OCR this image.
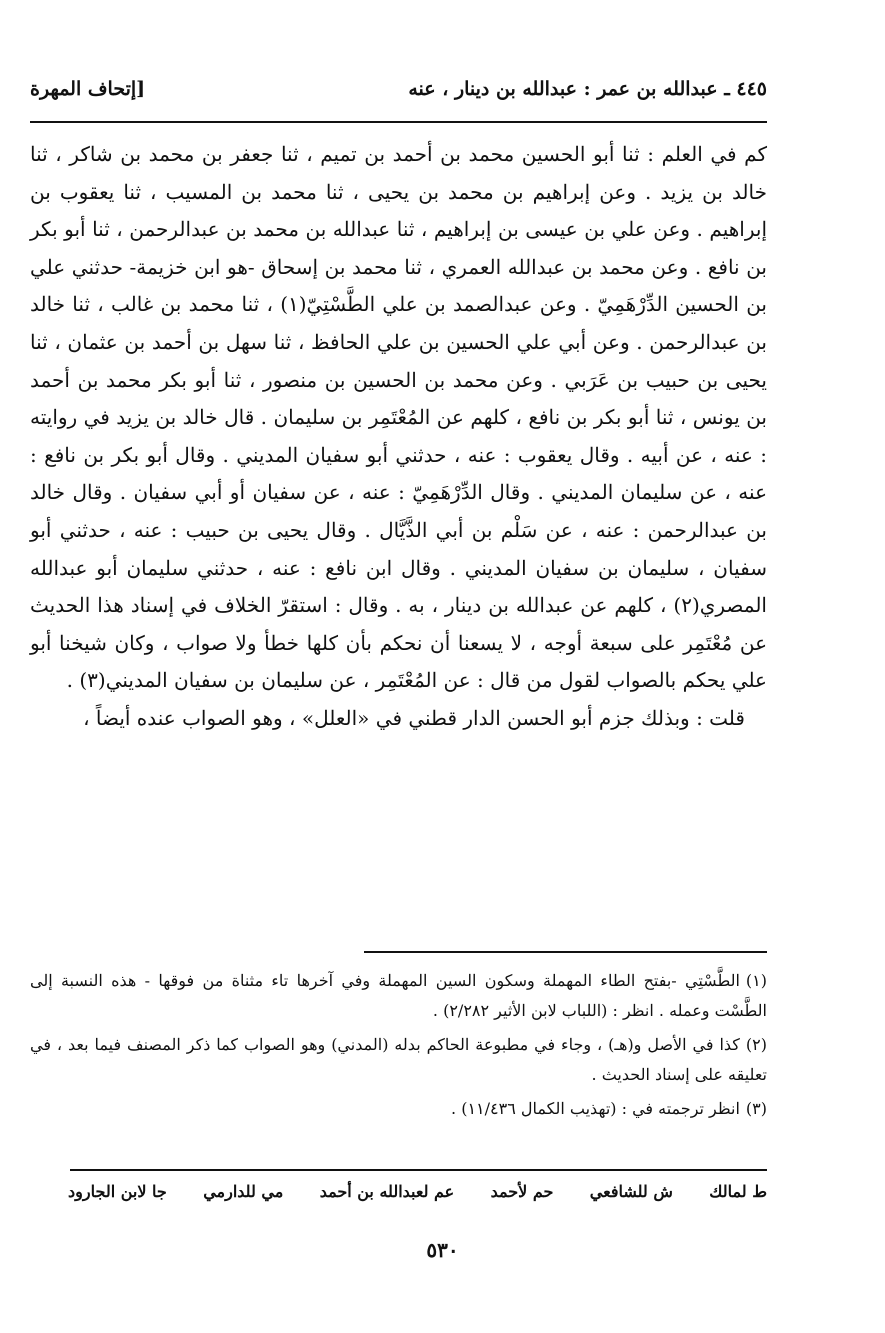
٤٤٥ ـ عبدالله بن عمر : عبدالله بن دينار ، عنه
[إتحاف المهرة

كم في العلم : ثنا أبو الحسين محمد بن أحمد بن تميم ، ثنا جعفر بن محمد بن شاكر ، ثنا خالد بن يزيد . وعن إبراهيم بن محمد بن يحيى ، ثنا محمد بن المسيب ، ثنا يعقوب بن إبراهيم . وعن علي بن عيسى بن إبراهيم ، ثنا عبدالله بن محمد بن عبدالرحمن ، ثنا أبو بكر بن نافع . وعن محمد بن عبدالله العمري ، ثنا محمد بن إسحاق -هو ابن خزيمة- حدثني علي بن الحسين الدِّرْهَمِيّ . وعن عبدالصمد بن علي الطَّسْتِيّ(١) ، ثنا محمد بن غالب ، ثنا خالد بن عبدالرحمن . وعن أبي علي الحسين بن علي الحافظ ، ثنا سهل بن أحمد بن عثمان ، ثنا يحيى بن حبيب بن عَرَبي . وعن محمد بن الحسين بن منصور ، ثنا أبو بكر محمد بن أحمد بن يونس ، ثنا أبو بكر بن نافع ، كلهم عن المُعْتَمِر بن سليمان . قال خالد بن يزيد في روايته : عنه ، عن أبيه . وقال يعقوب : عنه ، حدثني أبو سفيان المديني . وقال أبو بكر بن نافع : عنه ، عن سليمان المديني . وقال الدِّرْهَمِيّ : عنه ، عن سفيان أو أبي سفيان . وقال خالد بن عبدالرحمن : عنه ، عن سَلْم بن أبي الذَّيَّال . وقال يحيى بن حبيب : عنه ، حدثني أبو سفيان ، سليمان بن سفيان المديني . وقال ابن نافع : عنه ، حدثني سليمان أبو عبدالله المصري(٢) ، كلهم عن عبدالله بن دينار ، به . وقال : استقرّ الخلاف في إسناد هذا الحديث عن مُعْتَمِر على سبعة أوجه ، لا يسعنا أن نحكم بأن كلها خطأ ولا صواب ، وكان شيخنا أبو علي يحكم بالصواب لقول من قال : عن المُعْتَمِر ، عن سليمان بن سفيان المديني(٣) .

قلت : وبذلك جزم أبو الحسن الدار قطني في «العلل» ، وهو الصواب عنده أيضاً ،

(١)الطَّسْتِي -بفتح الطاء المهملة وسكون السين المهملة وفي آخرها تاء مثناة من فوقها - هذه النسبة إلى الطَّسْت وعمله . انظر : (اللباب لابن الأثير ٢/٢٨٢) .

(٢)كذا في الأصل و(هـ) ، وجاء في مطبوعة الحاكم بدله (المدني) وهو الصواب كما ذكر المصنف فيما بعد ، في تعليقه على إسناد الحديث .

(٣)انظر ترجمته في : (تهذيب الكمال ١١/٤٣٦) .

ط لمالك
ش للشافعي
حم لأحمد
عم لعبدالله بن أحمد
مي للدارمي
جا لابن الجارود
٥٣٠
